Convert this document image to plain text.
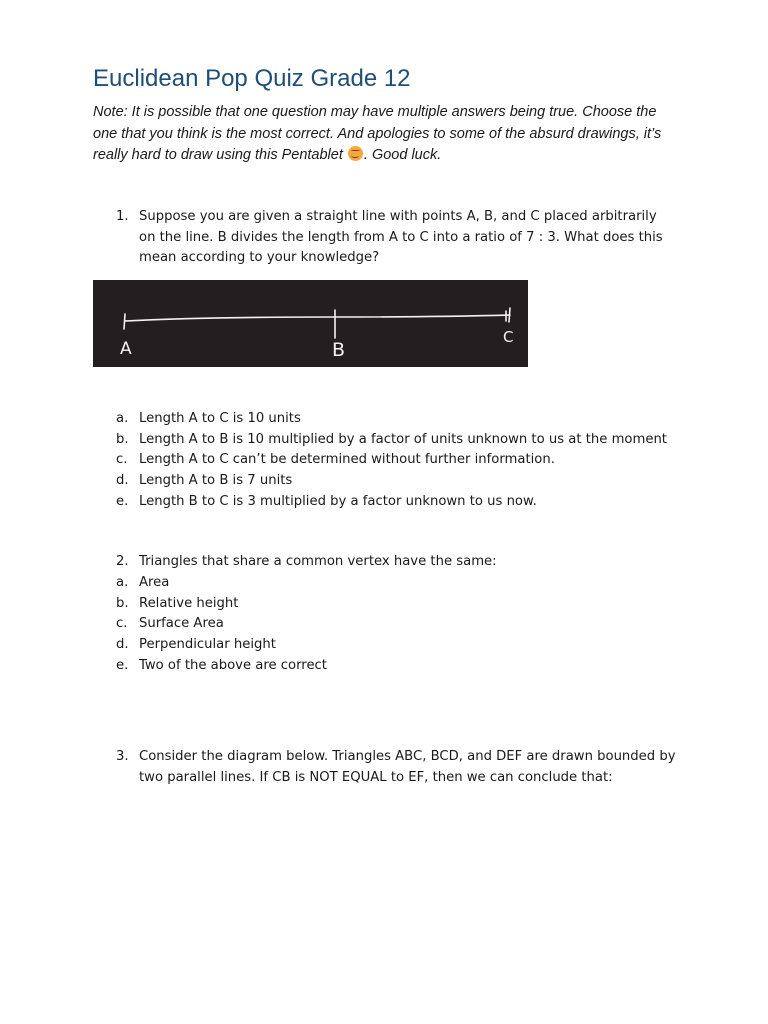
Euclidean Pop Quiz Grade 12
Note: It is possible that one question may have multiple answers being true. Choose the one that you think is the most correct. And apologies to some of the absurd drawings, it’s really hard to draw using this Pentablet . Good luck.
1. Suppose you are given a straight line with points A, B, and C placed arbitrarily on the line. B divides the length from A to C into a ratio of 7 : 3. What does this mean according to your knowledge?
A	B
C
a. Length A to C is 10 units
b. Length A to B is 10 multiplied by a factor of units unknown to us at the moment
c. Length A to C can’t be determined without further information.
d. Length A to B is 7 units
e. Length B to C is 3 multiplied by a factor unknown to us now.
2. Triangles that share a common vertex have the same:
a. Area
b. Relative height
c. Surface Area
d. Perpendicular height
e. Two of the above are correct
3. Consider the diagram below. Triangles ABC, BCD, and DEF are drawn bounded by two parallel lines. If CB is NOT EQUAL to EF, then we can conclude that:
